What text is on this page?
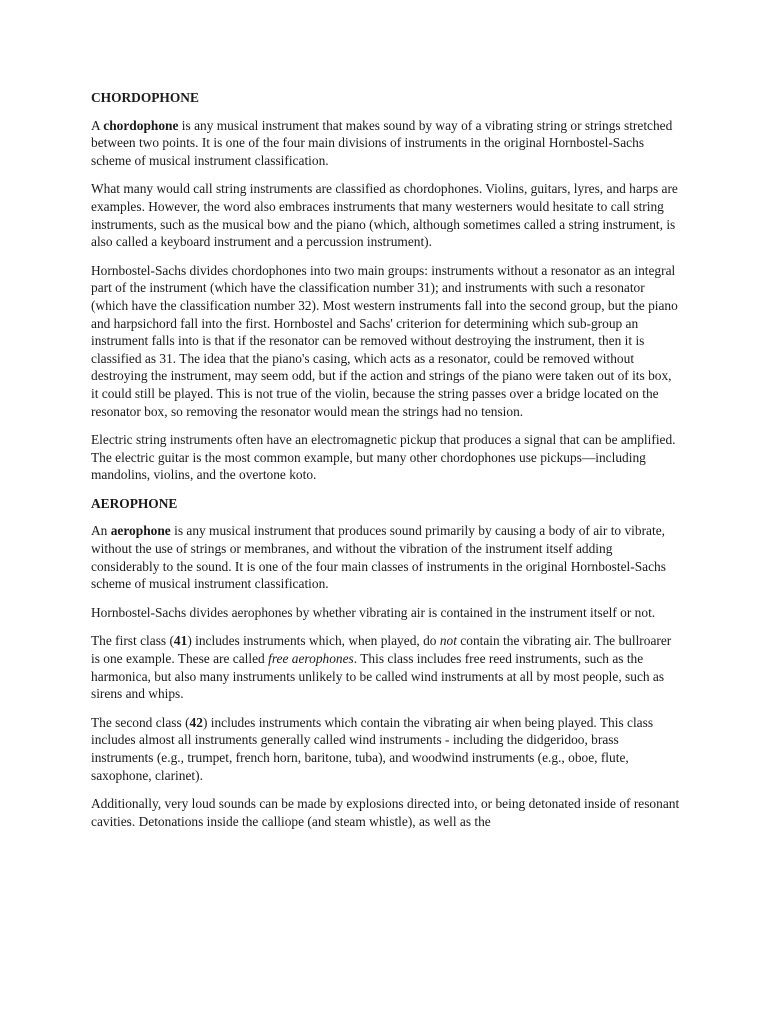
CHORDOPHONE

A chordophone is any musical instrument that makes sound by way of a vibrating string or strings stretched between two points. It is one of the four main divisions of instruments in the original Hornbostel-Sachs scheme of musical instrument classification.

What many would call string instruments are classified as chordophones. Violins, guitars, lyres, and harps are examples. However, the word also embraces instruments that many westerners would hesitate to call string instruments, such as the musical bow and the piano (which, although sometimes called a string instrument, is also called a keyboard instrument and a percussion instrument).

Hornbostel-Sachs divides chordophones into two main groups: instruments without a resonator as an integral part of the instrument (which have the classification number 31); and instruments with such a resonator (which have the classification number 32). Most western instruments fall into the second group, but the piano and harpsichord fall into the first. Hornbostel and Sachs' criterion for determining which sub-group an instrument falls into is that if the resonator can be removed without destroying the instrument, then it is classified as 31. The idea that the piano's casing, which acts as a resonator, could be removed without destroying the instrument, may seem odd, but if the action and strings of the piano were taken out of its box, it could still be played. This is not true of the violin, because the string passes over a bridge located on the resonator box, so removing the resonator would mean the strings had no tension.

Electric string instruments often have an electromagnetic pickup that produces a signal that can be amplified. The electric guitar is the most common example, but many other chordophones use pickups—including mandolins, violins, and the overtone koto.

AEROPHONE

An aerophone is any musical instrument that produces sound primarily by causing a body of air to vibrate, without the use of strings or membranes, and without the vibration of the instrument itself adding considerably to the sound. It is one of the four main classes of instruments in the original Hornbostel-Sachs scheme of musical instrument classification.

Hornbostel-Sachs divides aerophones by whether vibrating air is contained in the instrument itself or not.

The first class (41) includes instruments which, when played, do not contain the vibrating air. The bullroarer is one example. These are called free aerophones. This class includes free reed instruments, such as the harmonica, but also many instruments unlikely to be called wind instruments at all by most people, such as sirens and whips.

The second class (42) includes instruments which contain the vibrating air when being played. This class includes almost all instruments generally called wind instruments - including the didgeridoo, brass instruments (e.g., trumpet, french horn, baritone, tuba), and woodwind instruments (e.g., oboe, flute, saxophone, clarinet).

Additionally, very loud sounds can be made by explosions directed into, or being detonated inside of resonant cavities. Detonations inside the calliope (and steam whistle), as well as the
